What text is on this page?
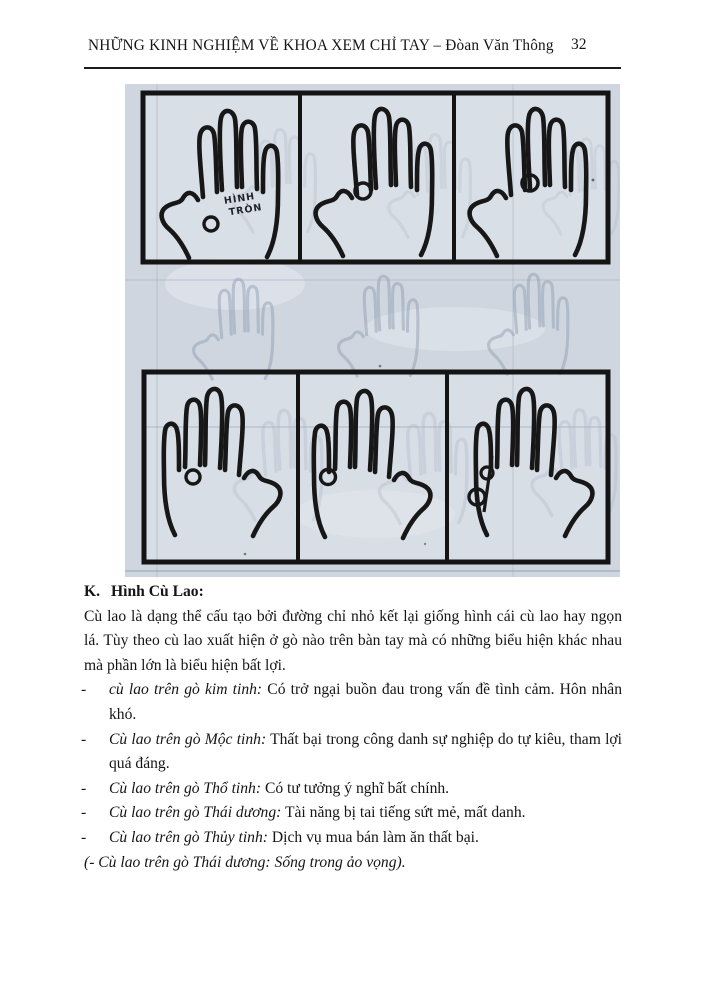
NHỮNG KINH NGHIỆM VỀ KHOA XEM CHỈ TAY – Đòan Văn Thông 32
HÌNH
TRÒN
K. Hình Cù Lao:

Cù lao là dạng thể cấu tạo bởi đường chỉ nhỏ kết lại giống hình cái cù lao hay ngọn lá. Tùy theo cù lao xuất hiện ở gò nào trên bàn tay mà có những biểu hiện khác nhau mà phần lớn là biểu hiện bất lợi.

- cù lao trên gò kim tinh: Có trở ngại buồn đau trong vấn đề tình cảm. Hôn nhân khó.
- Cù lao trên gò Mộc tinh: Thất bại trong công danh sự nghiệp do tự kiêu, tham lợi quá đáng.
- Cù lao trên gò Thổ tinh: Có tư tưởng ý nghĩ bất chính.
- Cù lao trên gò Thái dương: Tài năng bị tai tiếng sứt mẻ, mất danh.
- Cù lao trên gò Thủy tinh: Dịch vụ mua bán làm ăn thất bại.
(- Cù lao trên gò Thái dương: Sống trong ảo vọng).
